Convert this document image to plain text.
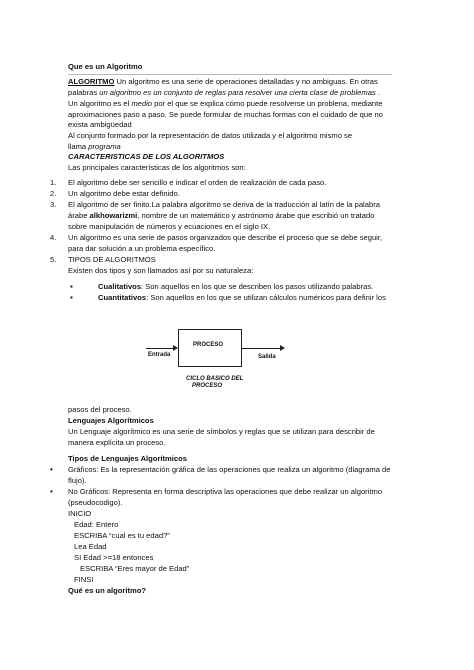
Que es un Algoritmo
ALGORITMO Un algoritmo es una serie de operaciones detalladas y no ambiguas. En otras
palabras un algoritmo es un conjunto de reglas para resolver una cierta clase de problemas .
Un algoritmo es el medio por el que se explica cómo puede resolverse un problena, mediante
aproximaciones paso a paso. Se puede formular de muchas formas con el cuidado de que no
exista ambigüedad
Al conjunto formado por la representación de datos utilizada y el algoritmo mismo se
llama programa
CARACTERISTICAS DE LOS ALGORITMOS
Las principales características de los algoritmos son:
1. El algoritmo debe ser sencillo e indicar el orden de realización de cada paso.
2. Un algoritmo debe estar definido.
3. El algoritmo de ser finito.La palabra algoritmo se deriva de la traducción al latín de la palabra
árabe alkhowarizmi, nombre de un matemático y astrónomo árabe que escribió un tratado
sobre manipulación de números y ecuaciones en el siglo IX.
4. Un algoritmo es una serie de pasos organizados que describe el proceso que se debe seguir,
para dar solución a un problema específico.
5. TIPOS DE ALGORITMOS
Existen dos tipos y son llamados así por su naturaleza:
▪	Cualitativos: Son aquellos en los que se describen los pasos utilizando palabras.
▪	Cuantitativos: Son aquellos en los que se utilizan cálculos numéricos para definir los
PROCESO
Entrada	Salida
CICLO BASICO DEL
PROCESO
pasos del proceso.
Lenguajes Algorítmicos
Un Lenguaje algorítmico es una serie de símbolos y reglas que se utilizan para describir de
manera explícita un proceso.
Tipos de Lenguajes Algorítmicos
• Gráficos: Es la representación gráfica de las operaciones que realiza un algoritmo (diagrama de
flujo).
• No Gráficos: Representa en forma descriptiva las operaciones que debe realizar un algoritmo
(pseudocodigo).
INICIO
Edad: Entero
ESCRIBA “cual es tu edad?”
Lea Edad
SI Edad >=18 entonces
ESCRIBA “Eres mayor de Edad”
FINSI
Qué es un algoritmo?
